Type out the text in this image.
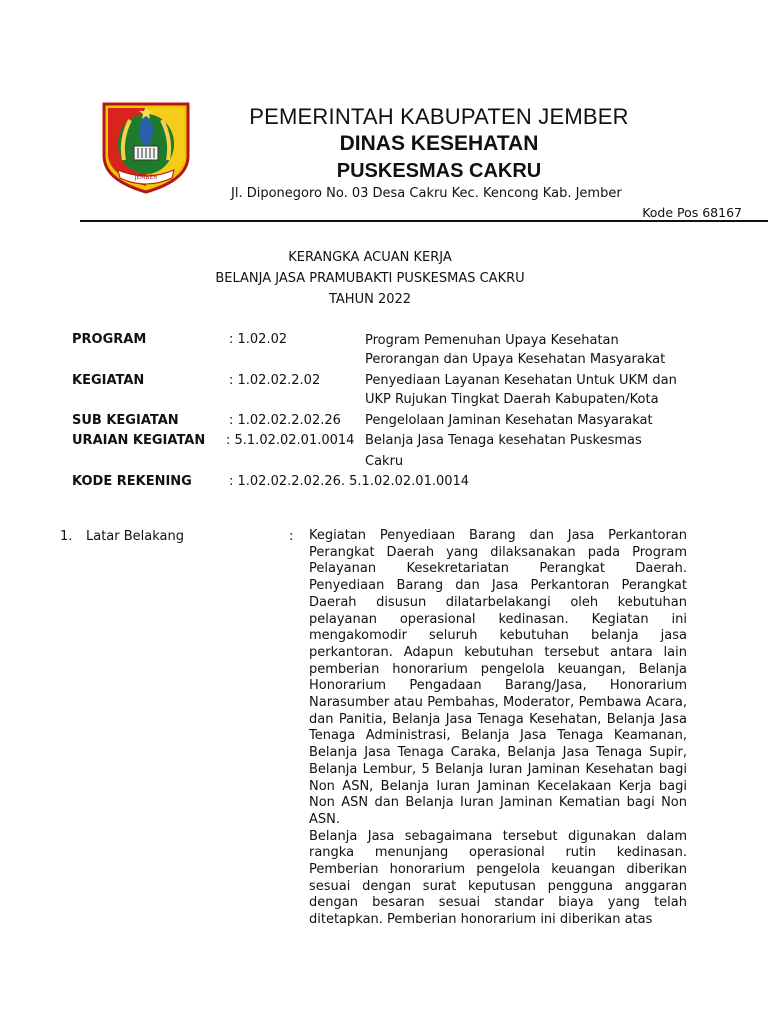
JEMBER
PEMERINTAH KABUPATEN JEMBER
DINAS KESEHATAN
PUSKESMAS CAKRU
Jl. Diponegoro No. 03 Desa Cakru Kec. Kencong Kab. Jember
Kode Pos 68167
KERANGKA ACUAN KERJA
BELANJA JASA PRAMUBAKTI PUSKESMAS CAKRU
TAHUN 2022
PROGRAM	: 1.02.02	Program Pemenuhan Upaya Kesehatan
Perorangan dan Upaya Kesehatan Masyarakat
KEGIATAN	: 1.02.02.2.02	Penyediaan Layanan Kesehatan Untuk UKM dan
UKP Rujukan Tingkat Daerah Kabupaten/Kota
SUB KEGIATAN	: 1.02.02.2.02.26 Pengelolaan Jaminan Kesehatan Masyarakat
URAIAN KEGIATAN : 5.1.02.02.01.0014 Belanja Jasa Tenaga kesehatan Puskesmas
Cakru
KODE REKENING	: 1.02.02.2.02.26. 5.1.02.02.01.0014
1. Latar Belakang	: Kegiatan Penyediaan Barang dan Jasa Perkantoran Perangkat Daerah yang dilaksanakan pada Program Pelayanan Kesekretariatan Perangkat Daerah. Penyediaan Barang dan Jasa Perkantoran Perangkat Daerah disusun dilatarbelakangi oleh kebutuhan pelayanan operasional kedinasan. Kegiatan ini mengakomodir seluruh kebutuhan belanja jasa perkantoran. Adapun kebutuhan tersebut antara lain pemberian honorarium pengelola keuangan, Belanja Honorarium Pengadaan Barang/Jasa, Honorarium Narasumber atau Pembahas, Moderator, Pembawa Acara, dan Panitia, Belanja Jasa Tenaga Kesehatan, Belanja Jasa Tenaga Administrasi, Belanja Jasa Tenaga Keamanan, Belanja Jasa Tenaga Caraka, Belanja Jasa Tenaga Supir, Belanja Lembur, 5 Belanja Iuran Jaminan Kesehatan bagi Non ASN, Belanja Iuran Jaminan Kecelakaan Kerja bagi Non ASN dan Belanja Iuran Jaminan Kematian bagi Non ASN.

Belanja Jasa sebagaimana tersebut digunakan dalam rangka menunjang operasional rutin kedinasan. Pemberian honorarium pengelola keuangan diberikan sesuai dengan surat keputusan pengguna anggaran dengan besaran sesuai standar biaya yang telah ditetapkan. Pemberian honorarium ini diberikan atas
